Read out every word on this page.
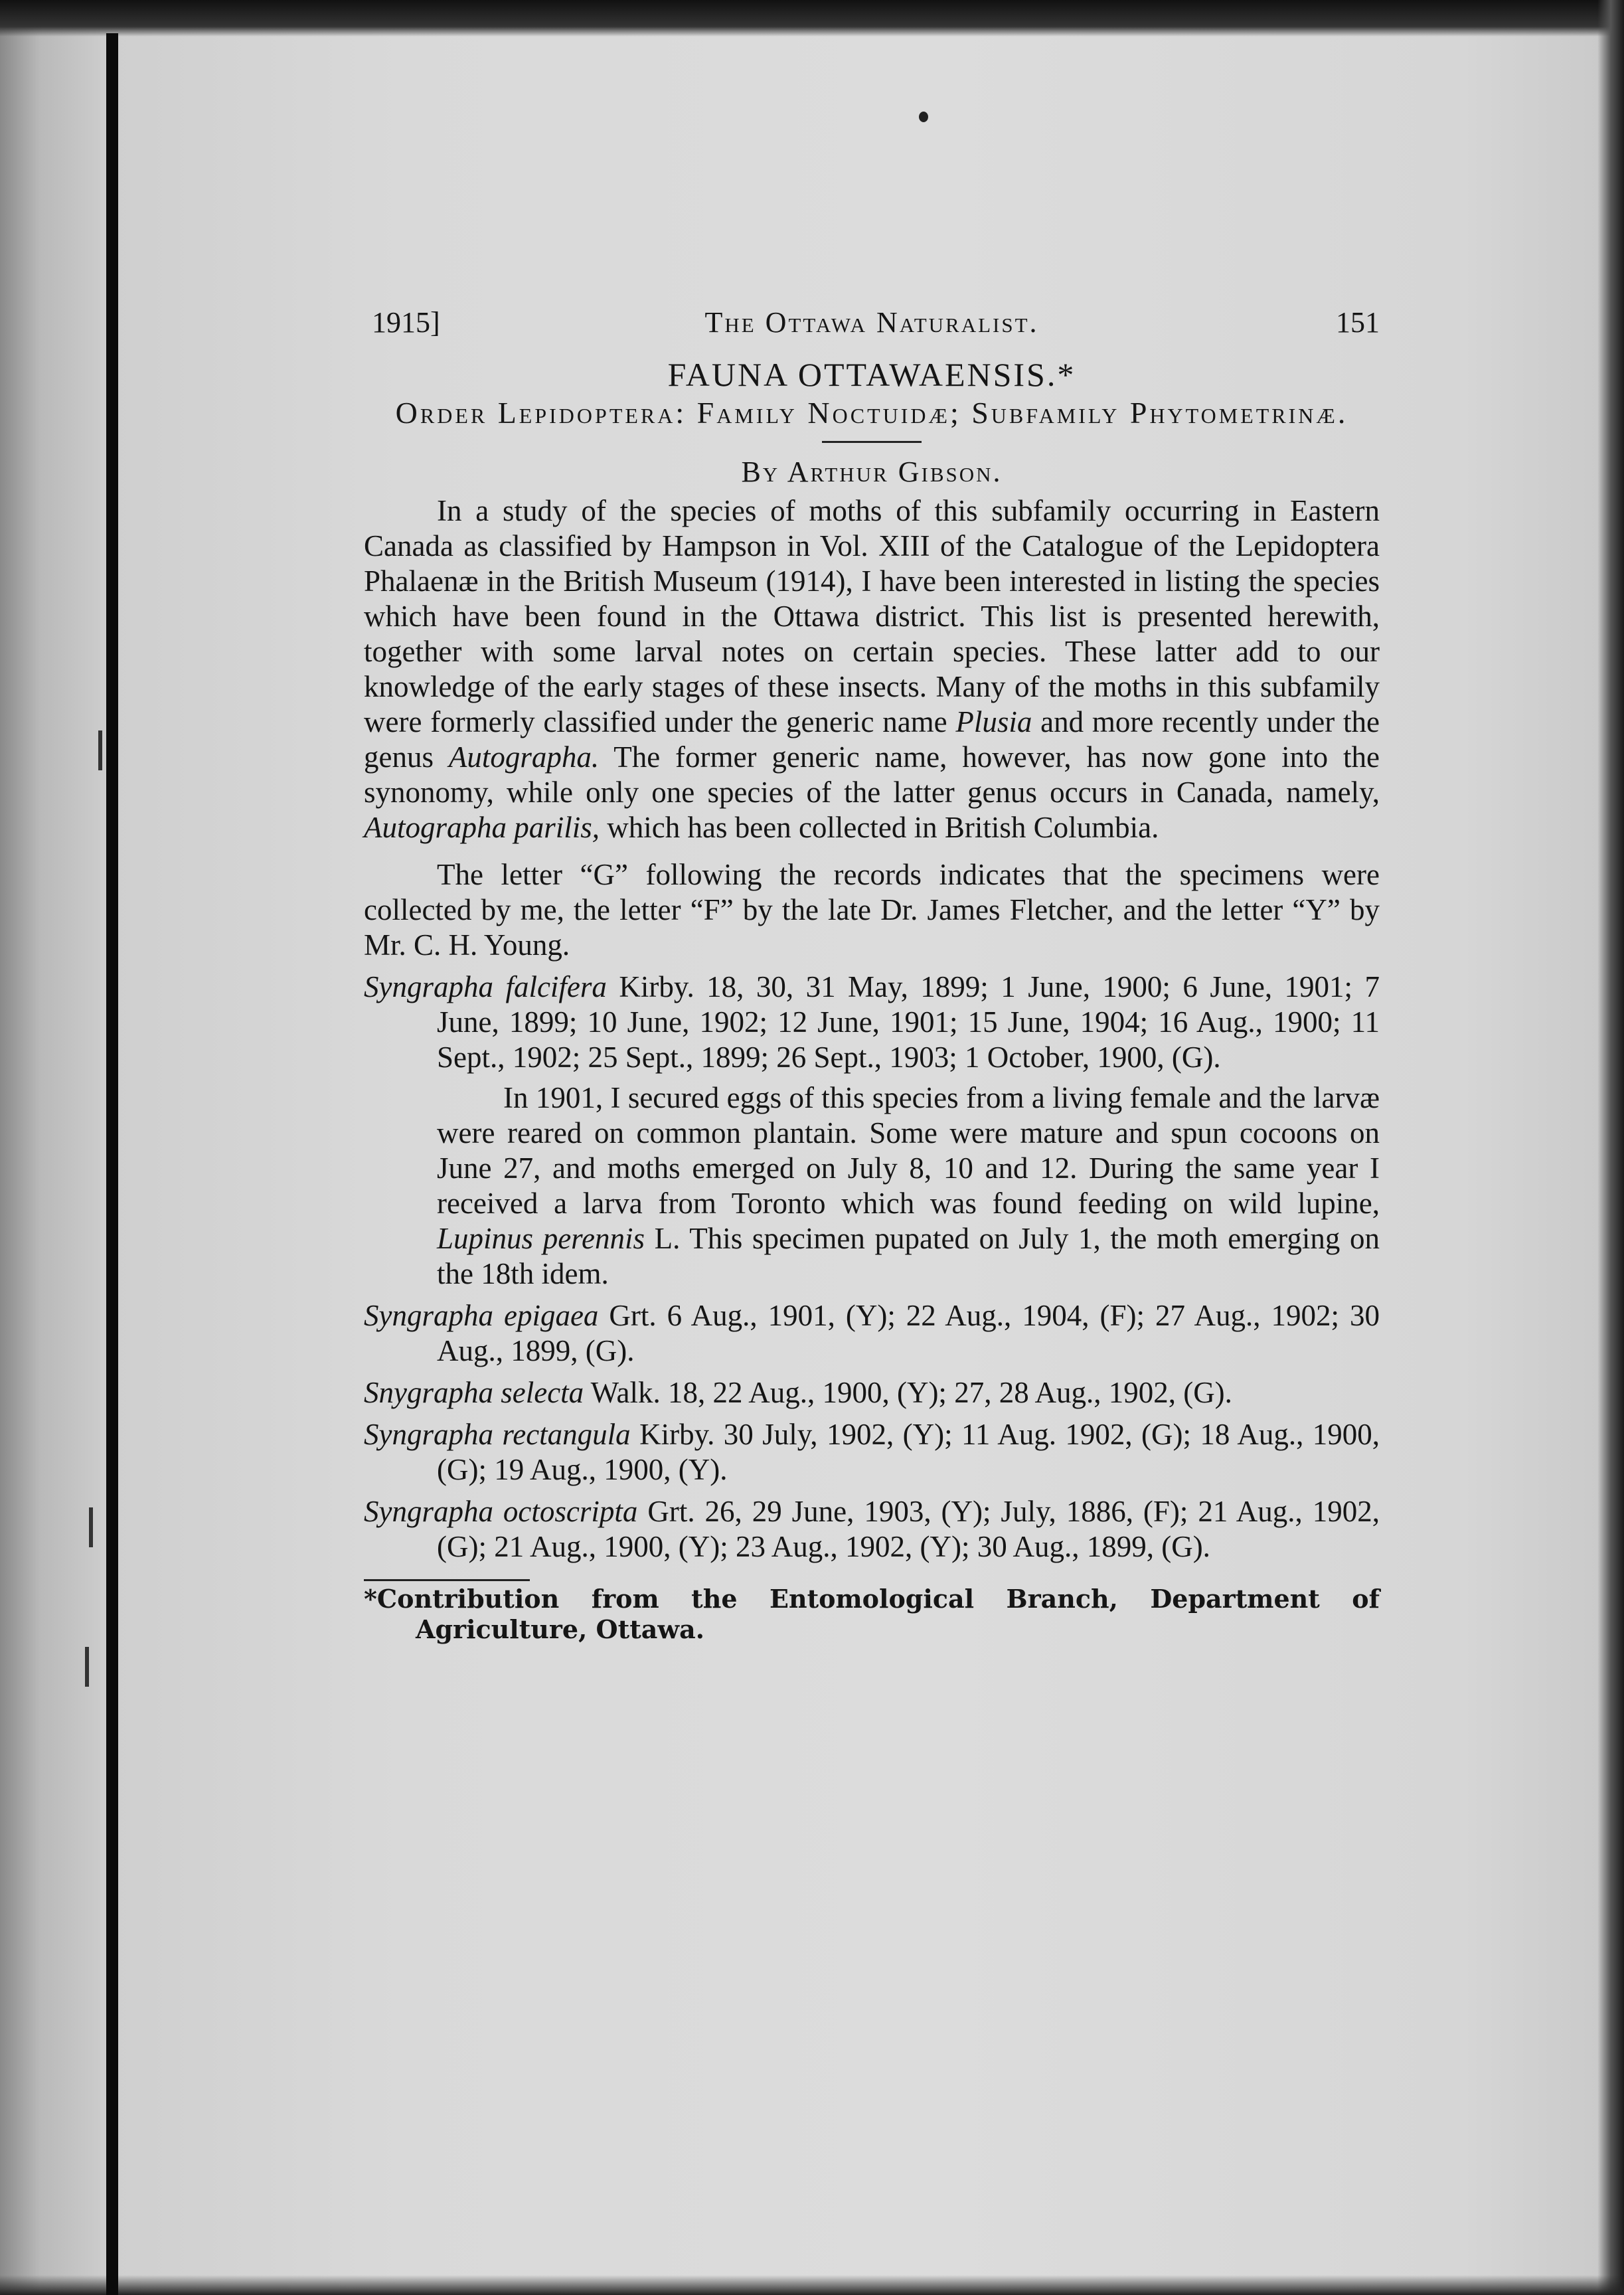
1915]	The Ottawa Naturalist.	151
FAUNA OTTAWAENSIS.*
Order Lepidoptera: Family Noctuidæ; Subfamily Phytometrinæ.
By Arthur Gibson.

In a study of the species of moths of this subfamily occurring in Eastern Canada as classified by Hampson in Vol. XIII of the Catalogue of the Lepidoptera Phalaenæ in the British Museum (1914), I have been interested in listing the species which have been found in the Ottawa district. This list is presented herewith, together with some larval notes on certain species. These latter add to our knowledge of the early stages of these insects. Many of the moths in this subfamily were formerly classified under the generic name Plusia and more recently under the genus Autographa. The former generic name, however, has now gone into the synonomy, while only one species of the latter genus occurs in Canada, namely, Autographa parilis, which has been collected in British Columbia.

The letter “G” following the records indicates that the specimens were collected by me, the letter “F” by the late Dr. James Fletcher, and the letter “Y” by Mr. C. H. Young.

Syngrapha falcifera Kirby. 18, 30, 31 May, 1899; 1 June, 1900; 6 June, 1901; 7 June, 1899; 10 June, 1902; 12 June, 1901; 15 June, 1904; 16 Aug., 1900; 11 Sept., 1902; 25 Sept., 1899; 26 Sept., 1903; 1 October, 1900, (G).

In 1901, I secured eggs of this species from a living female and the larvæ were reared on common plantain. Some were mature and spun cocoons on June 27, and moths emerged on July 8, 10 and 12. During the same year I received a larva from Toronto which was found feeding on wild lupine, Lupinus perennis L. This specimen pupated on July 1, the moth emerging on the 18th idem.

Syngrapha epigaea Grt. 6 Aug., 1901, (Y); 22 Aug., 1904, (F); 27 Aug., 1902; 30 Aug., 1899, (G).

Snygrapha selecta Walk. 18, 22 Aug., 1900, (Y); 27, 28 Aug., 1902, (G).

Syngrapha rectangula Kirby. 30 July, 1902, (Y); 11 Aug. 1902, (G); 18 Aug., 1900, (G); 19 Aug., 1900, (Y).

Syngrapha octoscripta Grt. 26, 29 June, 1903, (Y); July, 1886, (F); 21 Aug., 1902, (G); 21 Aug., 1900, (Y); 23 Aug., 1902, (Y); 30 Aug., 1899, (G).

*Contribution from the Entomological Branch, Department of Agriculture, Ottawa.
